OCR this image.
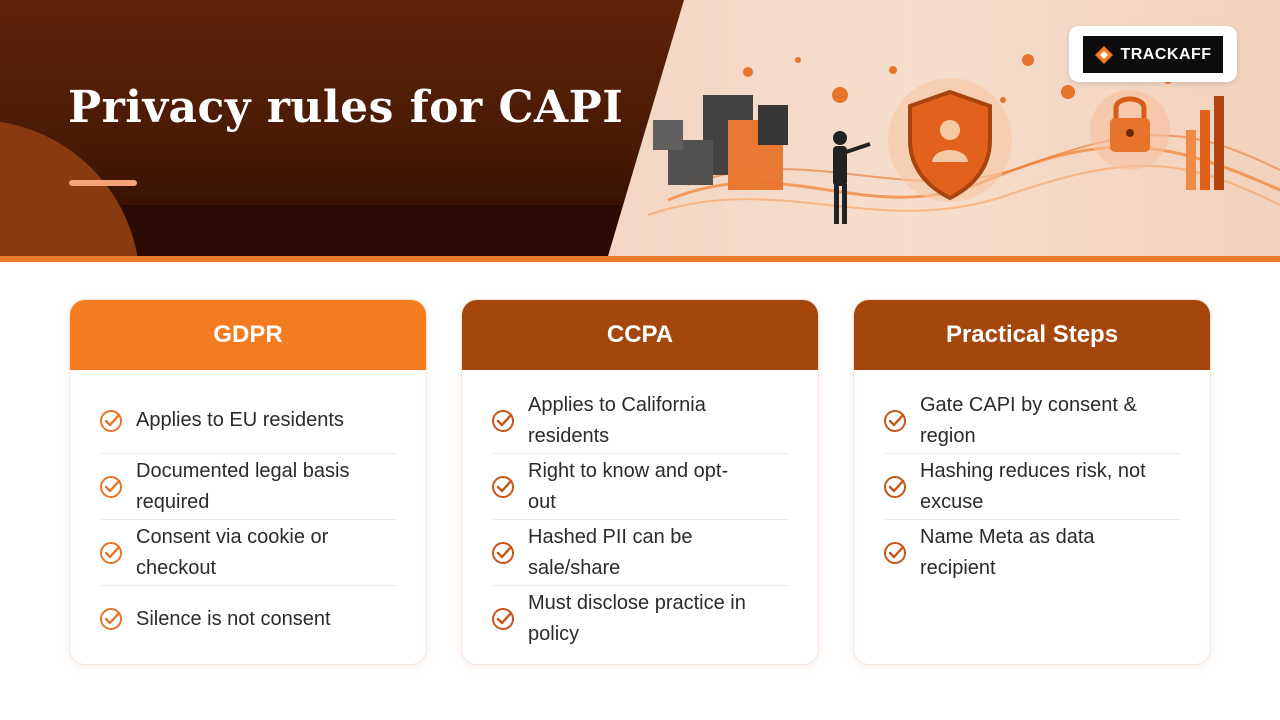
Privacy rules for CAPI
TRACKAFF
GDPR
Applies to EU residents
Documented legal basis required
Consent via cookie or checkout
Silence is not consent
CCPA
Applies to California residents
Right to know and opt-out
Hashed PII can be sale/share
Must disclose practice in policy
Practical Steps
Gate CAPI by consent & region
Hashing reduces risk, not excuse
Name Meta as data recipient
